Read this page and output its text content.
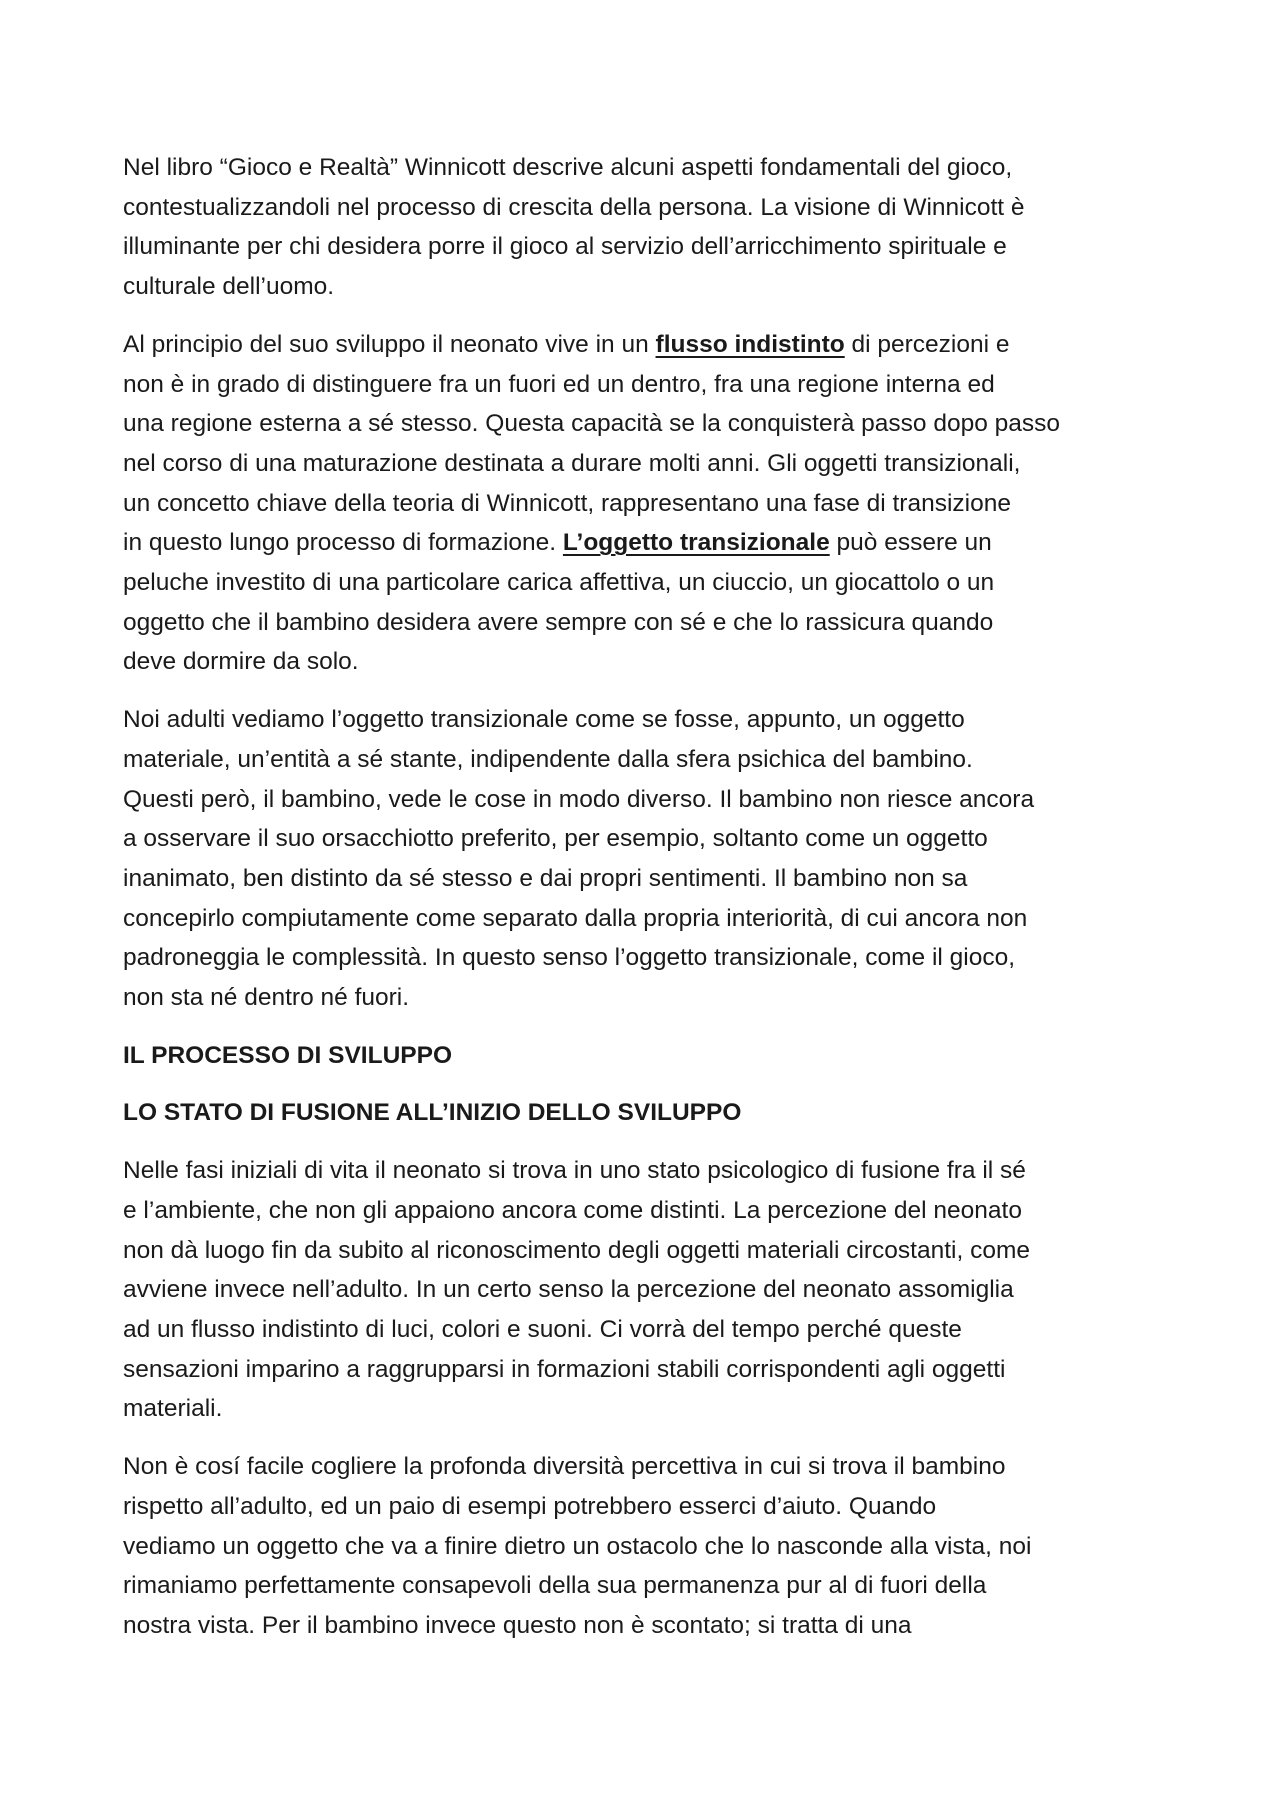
Nel libro “Gioco e Realtà” Winnicott descrive alcuni aspetti fondamentali del gioco,
contestualizzandoli nel processo di crescita della persona. La visione di Winnicott è
illuminante per chi desidera porre il gioco al servizio dell’arricchimento spirituale e
culturale dell’uomo.

Al principio del suo sviluppo il neonato vive in un flusso indistinto di percezioni e
non è in grado di distinguere fra un fuori ed un dentro, fra una regione interna ed
una regione esterna a sé stesso. Questa capacità se la conquisterà passo dopo passo
nel corso di una maturazione destinata a durare molti anni. Gli oggetti transizionali,
un concetto chiave della teoria di Winnicott, rappresentano una fase di transizione
in questo lungo processo di formazione. L’oggetto transizionale può essere un
peluche investito di una particolare carica affettiva, un ciuccio, un giocattolo o un
oggetto che il bambino desidera avere sempre con sé e che lo rassicura quando
deve dormire da solo.

Noi adulti vediamo l’oggetto transizionale come se fosse, appunto, un oggetto
materiale, un’entità a sé stante, indipendente dalla sfera psichica del bambino.
Questi però, il bambino, vede le cose in modo diverso. Il bambino non riesce ancora
a osservare il suo orsacchiotto preferito, per esempio, soltanto come un oggetto
inanimato, ben distinto da sé stesso e dai propri sentimenti. Il bambino non sa
concepirlo compiutamente come separato dalla propria interiorità, di cui ancora non
padroneggia le complessità. In questo senso l’oggetto transizionale, come il gioco,
non sta né dentro né fuori.

IL PROCESSO DI SVILUPPO
LO STATO DI FUSIONE ALL’INIZIO DELLO SVILUPPO

Nelle fasi iniziali di vita il neonato si trova in uno stato psicologico di fusione fra il sé
e l’ambiente, che non gli appaiono ancora come distinti. La percezione del neonato
non dà luogo fin da subito al riconoscimento degli oggetti materiali circostanti, come
avviene invece nell’adulto. In un certo senso la percezione del neonato assomiglia
ad un flusso indistinto di luci, colori e suoni. Ci vorrà del tempo perché queste
sensazioni imparino a raggrupparsi in formazioni stabili corrispondenti agli oggetti
materiali.

Non è cosí facile cogliere la profonda diversità percettiva in cui si trova il bambino
rispetto all’adulto, ed un paio di esempi potrebbero esserci d’aiuto. Quando
vediamo un oggetto che va a finire dietro un ostacolo che lo nasconde alla vista, noi
rimaniamo perfettamente consapevoli della sua permanenza pur al di fuori della
nostra vista. Per il bambino invece questo non è scontato; si tratta di una
